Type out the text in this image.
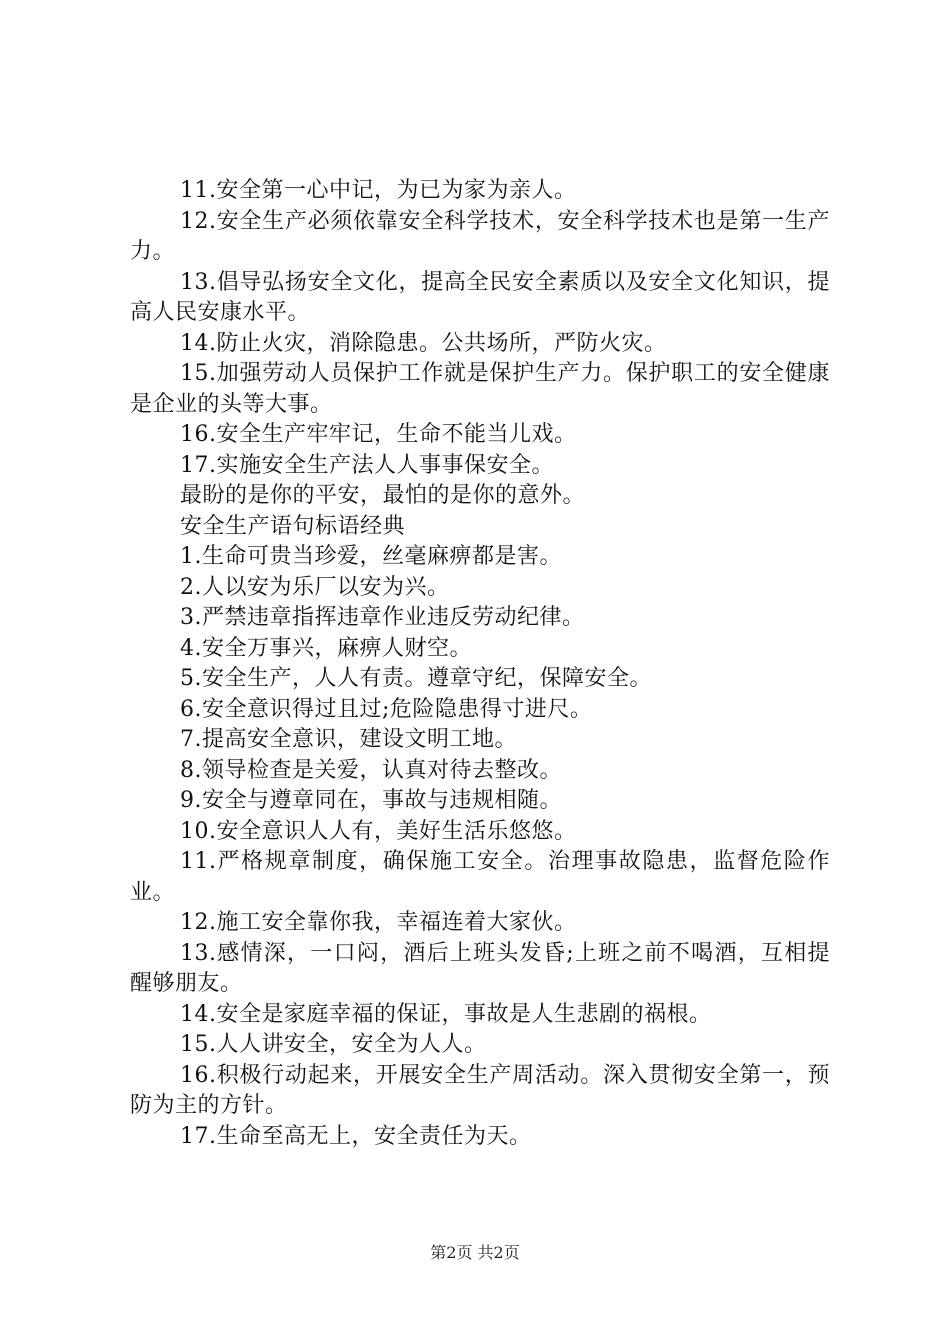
11.安全第一心中记，为已为家为亲人。

12.安全生产必须依靠安全科学技术，安全科学技术也是第一生产力。

13.倡导弘扬安全文化，提高全民安全素质以及安全文化知识，提高人民安康水平。

14.防止火灾，消除隐患。公共场所，严防火灾。

15.加强劳动人员保护工作就是保护生产力。保护职工的安全健康是企业的头等大事。

16.安全生产牢牢记，生命不能当儿戏。

17.实施安全生产法人人事事保安全。

最盼的是你的平安，最怕的是你的意外。

安全生产语句标语经典

1.生命可贵当珍爱，丝毫麻痹都是害。

2.人以安为乐厂以安为兴。

3.严禁违章指挥违章作业违反劳动纪律。

4.安全万事兴，麻痹人财空。

5.安全生产，人人有责。遵章守纪，保障安全。

6.安全意识得过且过;危险隐患得寸进尺。

7.提高安全意识，建设文明工地。

8.领导检查是关爱，认真对待去整改。

9.安全与遵章同在，事故与违规相随。

10.安全意识人人有，美好生活乐悠悠。

11.严格规章制度，确保施工安全。治理事故隐患，监督危险作业。

12.施工安全靠你我，幸福连着大家伙。

13.感情深，一口闷，酒后上班头发昏;上班之前不喝酒，互相提醒够朋友。

14.安全是家庭幸福的保证，事故是人生悲剧的祸根。

15.人人讲安全，安全为人人。

16.积极行动起来，开展安全生产周活动。深入贯彻安全第一，预防为主的方针。

17.生命至高无上，安全责任为天。

第2页 共2页
